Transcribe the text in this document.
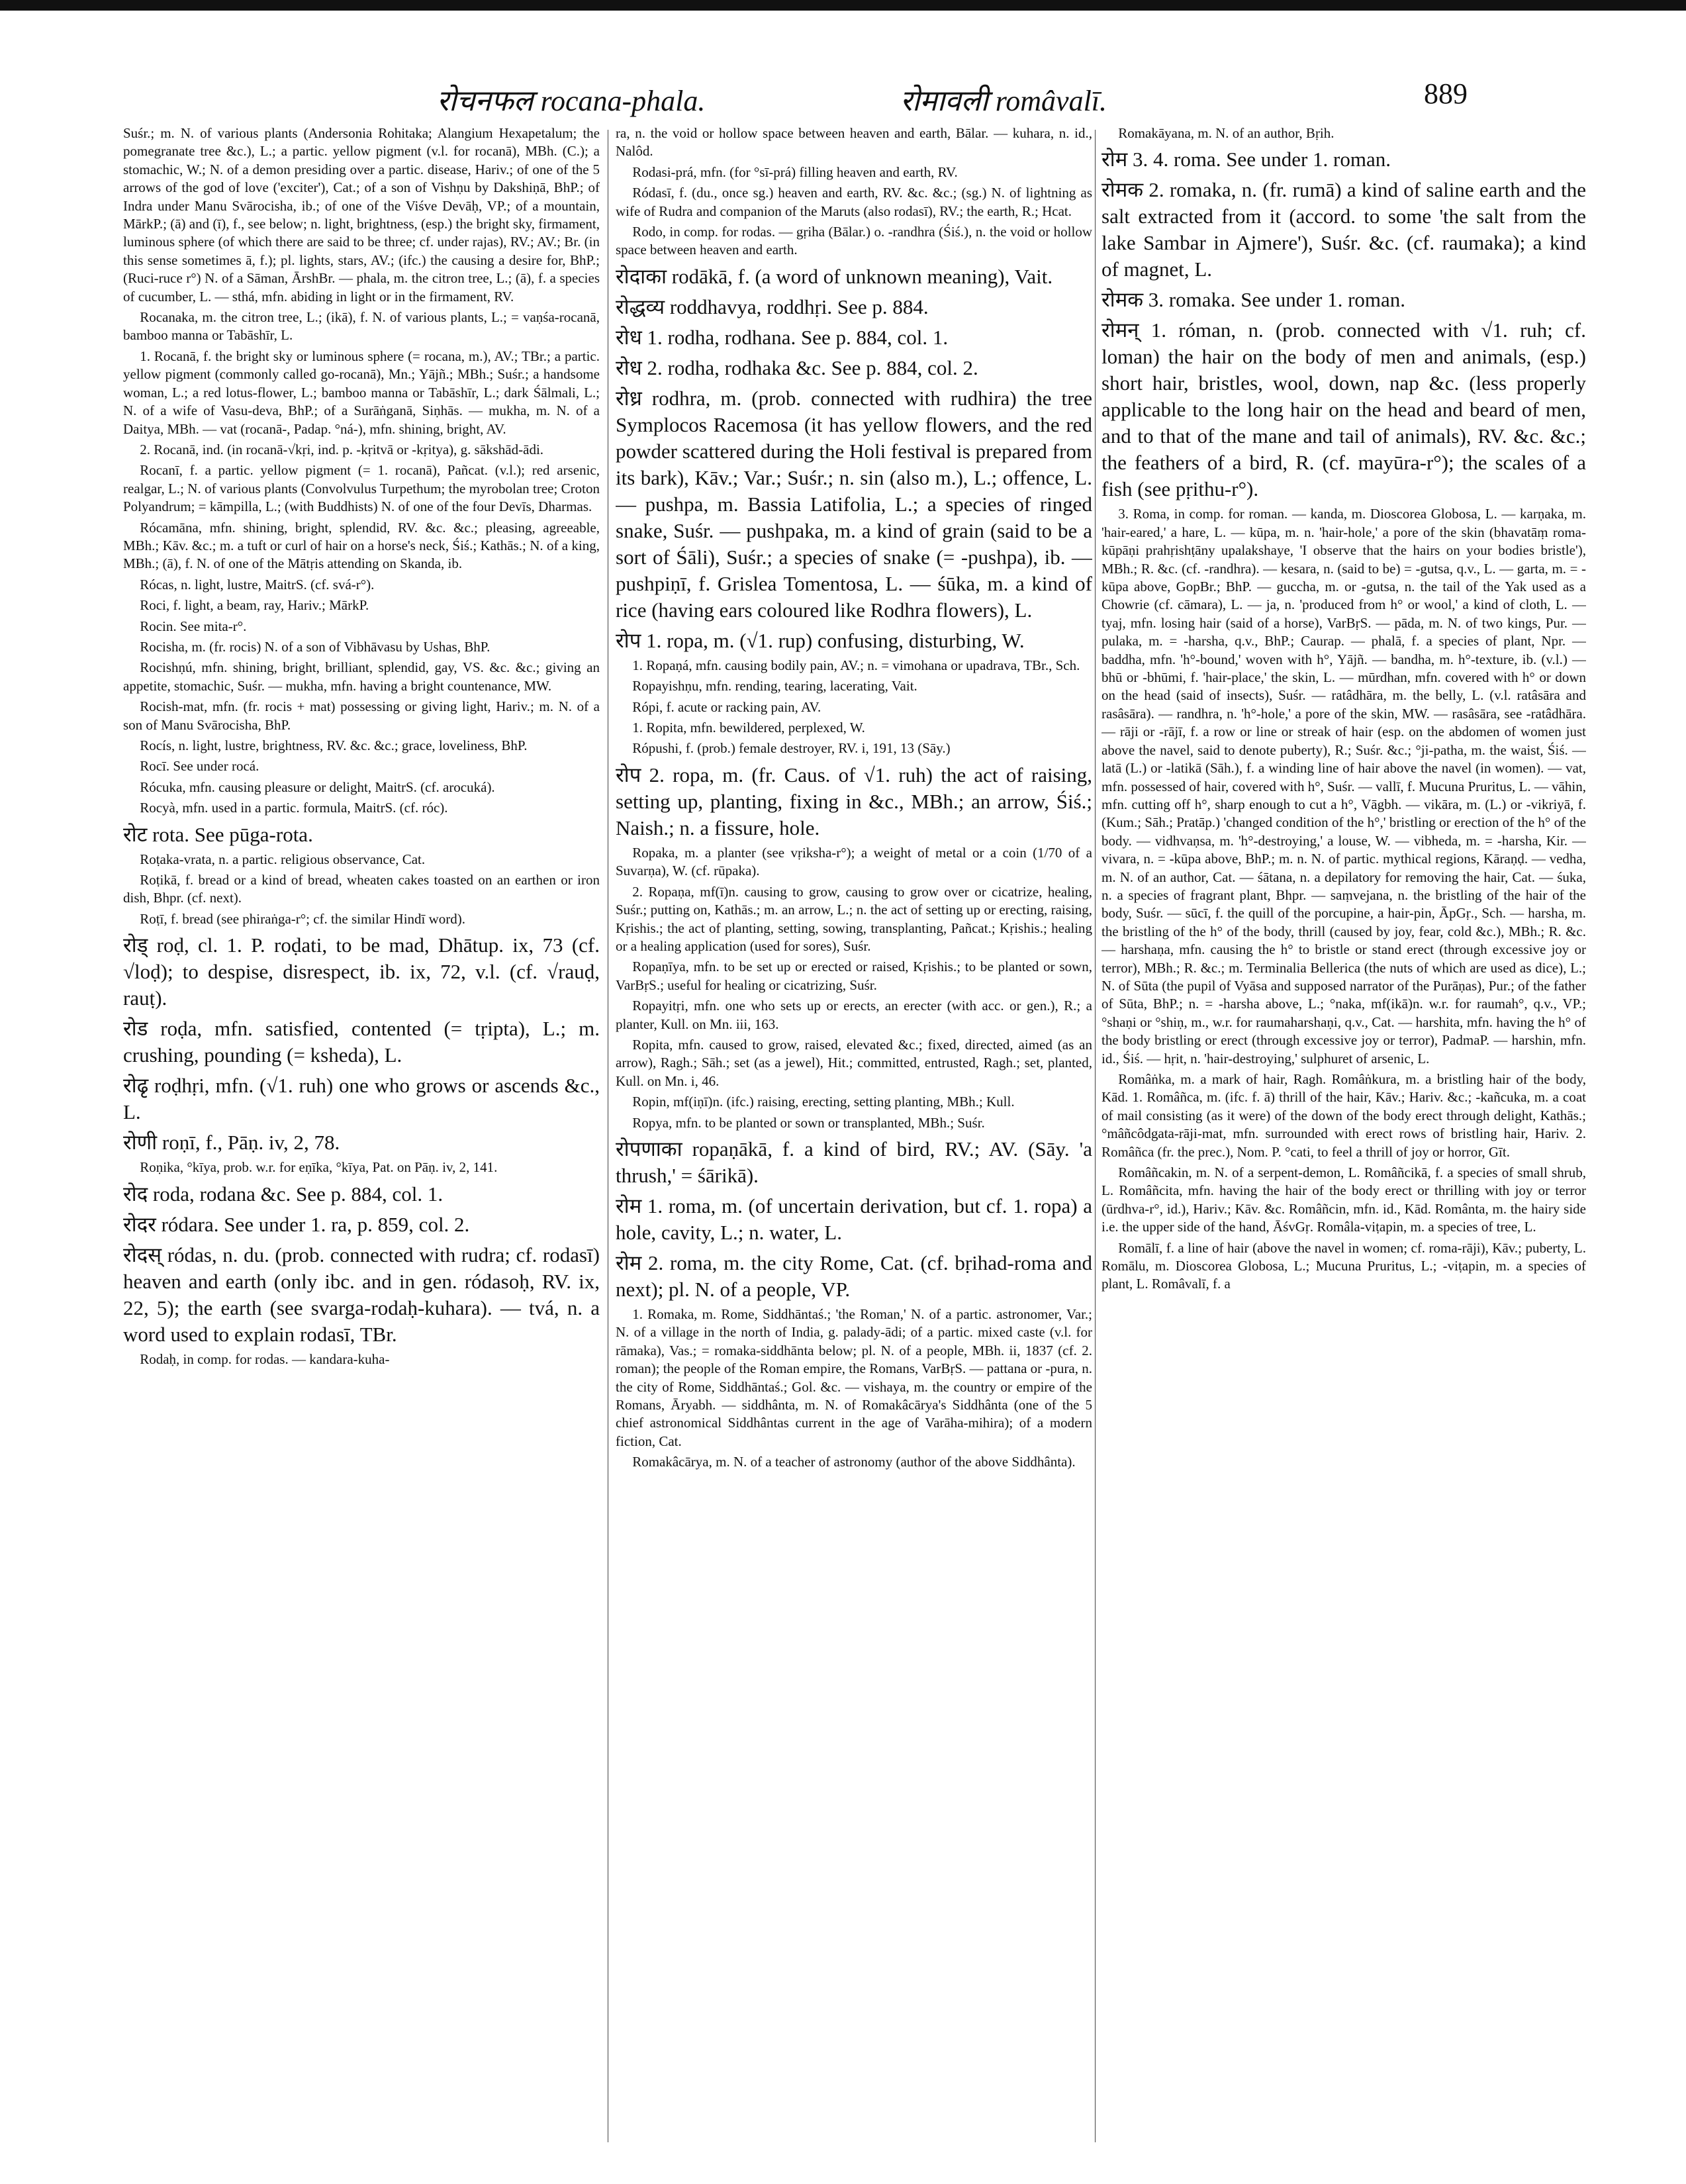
रोचनफल rocana-phala.	रोमावली româvalī.	889

Suśr.; m. N. of various plants (Andersonia Rohitaka; Alangium Hexapetalum; the pomegranate tree &c.), L.; a partic. yellow pigment (v.l. for rocanā), MBh. (C.); a stomachic, W.; N. of a demon presiding over a partic. disease, Hariv.; of one of the 5 arrows of the god of love ('exciter'), Cat.; of a son of Vishṇu by Dakshiṇā, BhP.; of Indra under Manu Svārocisha, ib.; of one of the Viśve Devāḥ, VP.; of a mountain, MārkP.; (ā) and (ī), f., see below; n. light, brightness, (esp.) the bright sky, firmament, luminous sphere (of which there are said to be three; cf. under rajas), RV.; AV.; Br. (in this sense sometimes ā, f.); pl. lights, stars, AV.; (ifc.) the causing a desire for, BhP.; (Ruci-ruce r°) N. of a Sāman, ĀrshBr. — phala, m. the citron tree, L.; (ā), f. a species of cucumber, L. — sthá, mfn. abiding in light or in the firmament, RV.

Rocanaka, m. the citron tree, L.; (ikā), f. N. of various plants, L.; = vaṇśa-rocanā, bamboo manna or Tabāshīr, L.

1. Rocanā, f. the bright sky or luminous sphere (= rocana, m.), AV.; TBr.; a partic. yellow pigment (commonly called go-rocanā), Mn.; Yājñ.; MBh.; Suśr.; a handsome woman, L.; a red lotus-flower, L.; bamboo manna or Tabāshīr, L.; dark Śālmali, L.; N. of a wife of Vasu-deva, BhP.; of a Surāṅganā, Siṇhās. — mukha, m. N. of a Daitya, MBh. — vat (rocanā-, Padap. °ná-), mfn. shining, bright, AV.

2. Rocanā, ind. (in rocanā-√kṛi, ind. p. -kṛitvā or -kṛitya), g. sākshād-ādi.

Rocanī, f. a partic. yellow pigment (= 1. rocanā), Pañcat. (v.l.); red arsenic, realgar, L.; N. of various plants (Convolvulus Turpethum; the myrobolan tree; Croton Polyandrum; = kāmpilla, L.; (with Buddhists) N. of one of the four Devīs, Dharmas.

Rócamāna, mfn. shining, bright, splendid, RV. &c. &c.; pleasing, agreeable, MBh.; Kāv. &c.; m. a tuft or curl of hair on a horse's neck, Śiś.; Kathās.; N. of a king, MBh.; (ā), f. N. of one of the Mātṛis attending on Skanda, ib.

Rócas, n. light, lustre, MaitrS. (cf. svá-r°).

Roci, f. light, a beam, ray, Hariv.; MārkP.

Rocin. See mita-r°.

Rocisha, m. (fr. rocis) N. of a son of Vibhāvasu by Ushas, BhP.

Rocishṇú, mfn. shining, bright, brilliant, splendid, gay, VS. &c. &c.; giving an appetite, stomachic, Suśr. — mukha, mfn. having a bright countenance, MW.

Rocish-mat, mfn. (fr. rocis + mat) possessing or giving light, Hariv.; m. N. of a son of Manu Svārocisha, BhP.

Rocís, n. light, lustre, brightness, RV. &c. &c.; grace, loveliness, BhP.

Rocī. See under rocá.

Rócuka, mfn. causing pleasure or delight, MaitrS. (cf. arocuká).

Rocyà, mfn. used in a partic. formula, MaitrS. (cf. róc).

रोट rota. See pūga-rota.

Roṭaka-vrata, n. a partic. religious observance, Cat.

Roṭikā, f. bread or a kind of bread, wheaten cakes toasted on an earthen or iron dish, Bhpr. (cf. next).

Roṭī, f. bread (see phiraṅga-r°; cf. the similar Hindī word).

रोड् roḍ, cl. 1. P. roḍati, to be mad, Dhātup. ix, 73 (cf. √loḍ); to despise, disrespect, ib. ix, 72, v.l. (cf. √rauḍ, rauṭ).

रोड roḍa, mfn. satisfied, contented (= tṛipta), L.; m. crushing, pounding (= ksheda), L.

रोढृ roḍhṛi, mfn. (√1. ruh) one who grows or ascends &c., L.

रोणी roṇī, f., Pāṇ. iv, 2, 78.

Roṇika, °kīya, prob. w.r. for eṇīka, °kīya, Pat. on Pāṇ. iv, 2, 141.

रोद roda, rodana &c. See p. 884, col. 1.

रोदर ródara. See under 1. ra, p. 859, col. 2.

रोदस् ródas, n. du. (prob. connected with rudra; cf. rodasī) heaven and earth (only ibc. and in gen. ródasoḥ, RV. ix, 22, 5); the earth (see svarga-rodaḥ-kuhara). — tvá, n. a word used to explain rodasī, TBr.

Rodaḥ, in comp. for rodas. — kandara-kuha-

ra, n. the void or hollow space between heaven and earth, Bālar. — kuhara, n. id., Nalôd.

Rodasi-prá, mfn. (for °sī-prá) filling heaven and earth, RV.

Ródasī, f. (du., once sg.) heaven and earth, RV. &c. &c.; (sg.) N. of lightning as wife of Rudra and companion of the Maruts (also rodasī), RV.; the earth, R.; Hcat.

Rodo, in comp. for rodas. — gṛiha (Bālar.) o. -randhra (Śiś.), n. the void or hollow space between heaven and earth.

रोदाका rodākā, f. (a word of unknown meaning), Vait.

रोद्धव्य roddhavya, roddhṛi. See p. 884.

रोध 1. rodha, rodhana. See p. 884, col. 1.

रोध 2. rodha, rodhaka &c. See p. 884, col. 2.

रोध्र rodhra, m. (prob. connected with rudhira) the tree Symplocos Racemosa (it has yellow flowers, and the red powder scattered during the Holi festival is prepared from its bark), Kāv.; Var.; Suśr.; n. sin (also m.), L.; offence, L. — pushpa, m. Bassia Latifolia, L.; a species of ringed snake, Suśr. — pushpaka, m. a kind of grain (said to be a sort of Śāli), Suśr.; a species of snake (= -pushpa), ib. — pushpiṇī, f. Grislea Tomentosa, L. — śūka, m. a kind of rice (having ears coloured like Rodhra flowers), L.

रोप 1. ropa, m. (√1. rup) confusing, disturbing, W.

1. Ropaṇá, mfn. causing bodily pain, AV.; n. = vimohana or upadrava, TBr., Sch.

Ropayishṇu, mfn. rending, tearing, lacerating, Vait.

Rópi, f. acute or racking pain, AV.

1. Ropita, mfn. bewildered, perplexed, W.

Rópushi, f. (prob.) female destroyer, RV. i, 191, 13 (Sāy.)

रोप 2. ropa, m. (fr. Caus. of √1. ruh) the act of raising, setting up, planting, fixing in &c., MBh.; an arrow, Śiś.; Naish.; n. a fissure, hole.

Ropaka, m. a planter (see vṛiksha-r°); a weight of metal or a coin (1/70 of a Suvarṇa), W. (cf. rūpaka).

2. Ropaṇa, mf(ī)n. causing to grow, causing to grow over or cicatrize, healing, Suśr.; putting on, Kathās.; m. an arrow, L.; n. the act of setting up or erecting, raising, Kṛishis.; the act of planting, setting, sowing, transplanting, Pañcat.; Kṛishis.; healing or a healing application (used for sores), Suśr.

Ropaṇīya, mfn. to be set up or erected or raised, Kṛishis.; to be planted or sown, VarBṛS.; useful for healing or cicatrizing, Suśr.

Ropayitṛi, mfn. one who sets up or erects, an erecter (with acc. or gen.), R.; a planter, Kull. on Mn. iii, 163.

Ropita, mfn. caused to grow, raised, elevated &c.; fixed, directed, aimed (as an arrow), Ragh.; Sāh.; set (as a jewel), Hit.; committed, entrusted, Ragh.; set, planted, Kull. on Mn. i, 46.

Ropin, mf(iṇī)n. (ifc.) raising, erecting, setting planting, MBh.; Kull.

Ropya, mfn. to be planted or sown or transplanted, MBh.; Suśr.

रोपणाका ropaṇākā, f. a kind of bird, RV.; AV. (Sāy. 'a thrush,' = śārikā).

रोम 1. roma, m. (of uncertain derivation, but cf. 1. ropa) a hole, cavity, L.; n. water, L.

रोम 2. roma, m. the city Rome, Cat. (cf. bṛihad-roma and next); pl. N. of a people, VP.

1. Romaka, m. Rome, Siddhāntaś.; 'the Roman,' N. of a partic. astronomer, Var.; N. of a village in the north of India, g. palady-ādi; of a partic. mixed caste (v.l. for rāmaka), Vas.; = romaka-siddhānta below; pl. N. of a people, MBh. ii, 1837 (cf. 2. roman); the people of the Roman empire, the Romans, VarBṛS. — pattana or -pura, n. the city of Rome, Siddhāntaś.; Gol. &c. — vishaya, m. the country or empire of the Romans, Āryabh. — siddhânta, m. N. of Romakâcārya's Siddhânta (one of the 5 chief astronomical Siddhântas current in the age of Varāha-mihira); of a modern fiction, Cat.

Romakâcārya, m. N. of a teacher of astronomy (author of the above Siddhânta).

Romakāyana, m. N. of an author, Bṛih.

रोम 3. 4. roma. See under 1. roman.

रोमक 2. romaka, n. (fr. rumā) a kind of saline earth and the salt extracted from it (accord. to some 'the salt from the lake Sambar in Ajmere'), Suśr. &c. (cf. raumaka); a kind of magnet, L.

रोमक 3. romaka. See under 1. roman.

रोमन् 1. róman, n. (prob. connected with √1. ruh; cf. loman) the hair on the body of men and animals, (esp.) short hair, bristles, wool, down, nap &c. (less properly applicable to the long hair on the head and beard of men, and to that of the mane and tail of animals), RV. &c. &c.; the feathers of a bird, R. (cf. mayūra-r°); the scales of a fish (see pṛithu-r°).

3. Roma, in comp. for roman. — kanda, m. Dioscorea Globosa, L. — karṇaka, m. 'hair-eared,' a hare, L. — kūpa, m. n. 'hair-hole,' a pore of the skin (bhavatāṃ roma-kūpāṇi prahṛishṭāny upalakshaye, 'I observe that the hairs on your bodies bristle'), MBh.; R. &c. (cf. -randhra). — kesara, n. (said to be) = -gutsa, q.v., L. — garta, m. = -kūpa above, GopBr.; BhP. — guccha, m. or -gutsa, n. the tail of the Yak used as a Chowrie (cf. cāmara), L. — ja, n. 'produced from h° or wool,' a kind of cloth, L. — tyaj, mfn. losing hair (said of a horse), VarBṛS. — pāda, m. N. of two kings, Pur. — pulaka, m. = -harsha, q.v., BhP.; Caurap. — phalā, f. a species of plant, Npr. — baddha, mfn. 'h°-bound,' woven with h°, Yājñ. — bandha, m. h°-texture, ib. (v.l.) — bhū or -bhūmi, f. 'hair-place,' the skin, L. — mūrdhan, mfn. covered with h° or down on the head (said of insects), Suśr. — ratâdhāra, m. the belly, L. (v.l. ratâsāra and rasâsāra). — randhra, n. 'h°-hole,' a pore of the skin, MW. — rasâsāra, see -ratâdhāra. — rāji or -rājī, f. a row or line or streak of hair (esp. on the abdomen of women just above the navel, said to denote puberty), R.; Suśr. &c.; °ji-patha, m. the waist, Śiś. — latā (L.) or -latikā (Sāh.), f. a winding line of hair above the navel (in women). — vat, mfn. possessed of hair, covered with h°, Suśr. — vallī, f. Mucuna Pruritus, L. — vāhin, mfn. cutting off h°, sharp enough to cut a h°, Vāgbh. — vikāra, m. (L.) or -vikriyā, f. (Kum.; Sāh.; Pratāp.) 'changed condition of the h°,' bristling or erection of the h° of the body. — vidhvaṇsa, m. 'h°-destroying,' a louse, W. — vibheda, m. = -harsha, Kir. — vivara, n. = -kūpa above, BhP.; m. n. N. of partic. mythical regions, Kāraṇḍ. — vedha, m. N. of an author, Cat. — śātana, n. a depilatory for removing the hair, Cat. — śuka, n. a species of fragrant plant, Bhpr. — saṃvejana, n. the bristling of the hair of the body, Suśr. — sūcī, f. the quill of the porcupine, a hair-pin, ĀpGṛ., Sch. — harsha, m. the bristling of the h° of the body, thrill (caused by joy, fear, cold &c.), MBh.; R. &c. — harshaṇa, mfn. causing the h° to bristle or stand erect (through excessive joy or terror), MBh.; R. &c.; m. Terminalia Bellerica (the nuts of which are used as dice), L.; N. of Sūta (the pupil of Vyāsa and supposed narrator of the Purāṇas), Pur.; of the father of Sūta, BhP.; n. = -harsha above, L.; °naka, mf(ikā)n. w.r. for raumah°, q.v., VP.; °shaṇi or °shiṇ, m., w.r. for raumaharshaṇi, q.v., Cat. — harshita, mfn. having the h° of the body bristling or erect (through excessive joy or terror), PadmaP. — harshin, mfn. id., Śiś. — hṛit, n. 'hair-destroying,' sulphuret of arsenic, L.

Româṅka, m. a mark of hair, Ragh. Româṅkura, m. a bristling hair of the body, Kād. 1. Româñca, m. (ifc. f. ā) thrill of the hair, Kāv.; Hariv. &c.; -kañcuka, m. a coat of mail consisting (as it were) of the down of the body erect through delight, Kathās.; °mâñcôdgata-rāji-mat, mfn. surrounded with erect rows of bristling hair, Hariv. 2. Româñca (fr. the prec.), Nom. P. °cati, to feel a thrill of joy or horror, Gīt.

Româñcakin, m. N. of a serpent-demon, L. Româñcikā, f. a species of small shrub, L. Româñcita, mfn. having the hair of the body erect or thrilling with joy or terror (ūrdhva-r°, id.), Hariv.; Kāv. &c. Româñcin, mfn. id., Kād. Românta, m. the hairy side i.e. the upper side of the hand, ĀśvGṛ. Româla-viṭapin, m. a species of tree, L.

Romālī, f. a line of hair (above the navel in women; cf. roma-rāji), Kāv.; puberty, L. Romālu, m. Dioscorea Globosa, L.; Mucuna Pruritus, L.; -viṭapin, m. a species of plant, L. Româvalī, f. a
